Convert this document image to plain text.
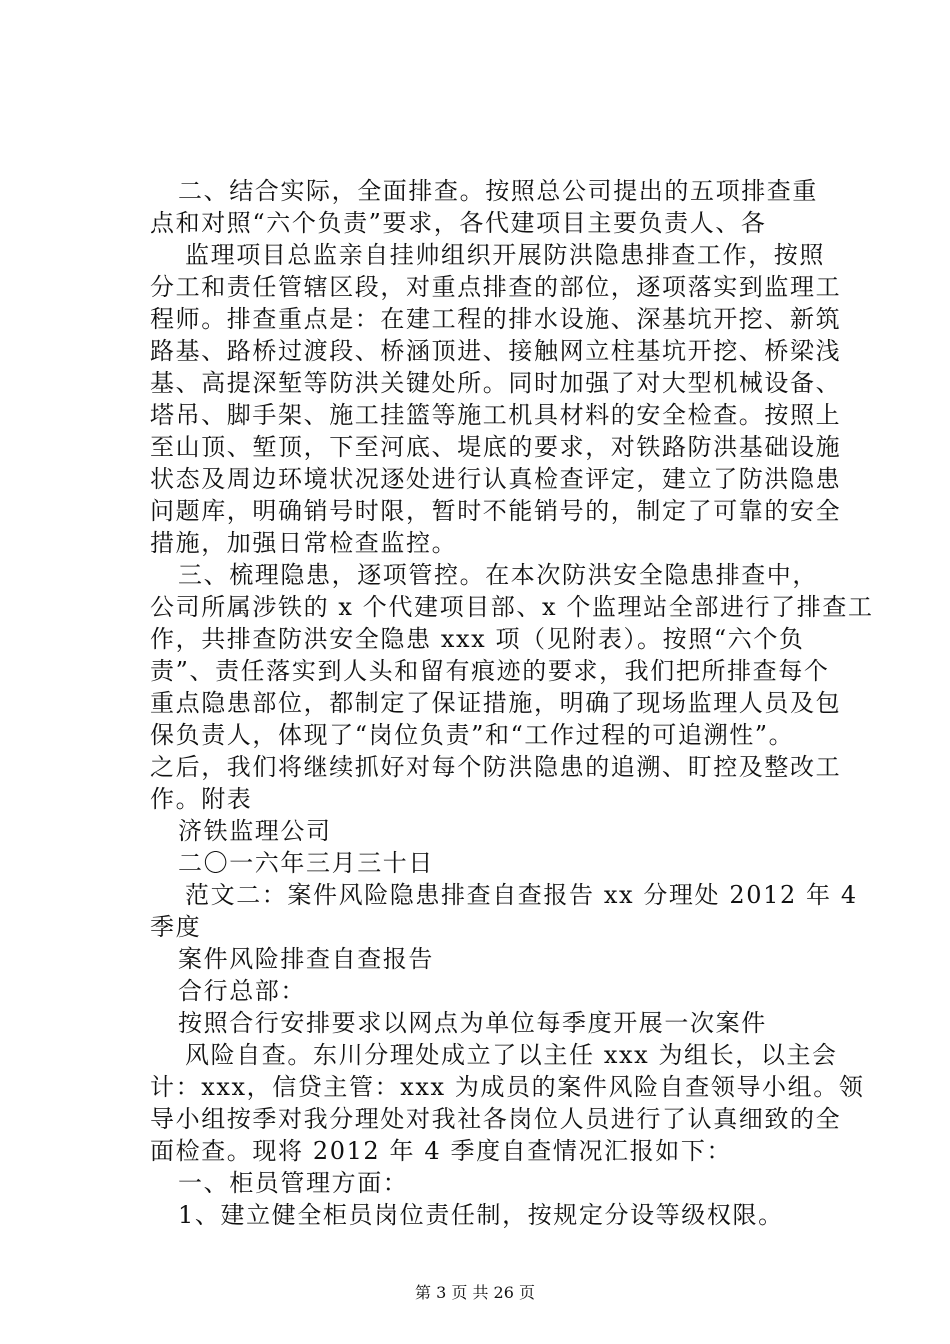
二、结合实际，全面排查。按照总公司提出的五项排查重
点和对照“六个负责”要求，各代建项目主要负责人、各
监理项目总监亲自挂帅组织开展防洪隐患排查工作，按照
分工和责任管辖区段，对重点排查的部位，逐项落实到监理工
程师。排查重点是：在建工程的排水设施、深基坑开挖、新筑
路基、路桥过渡段、桥涵顶进、接触网立柱基坑开挖、桥梁浅
基、高提深堑等防洪关键处所。同时加强了对大型机械设备、
塔吊、脚手架、施工挂篮等施工机具材料的安全检查。按照上
至山顶、堑顶，下至河底、堤底的要求，对铁路防洪基础设施
状态及周边环境状况逐处进行认真检查评定，建立了防洪隐患
问题库，明确销号时限，暂时不能销号的，制定了可靠的安全
措施，加强日常检查监控。
三、梳理隐患，逐项管控。在本次防洪安全隐患排查中，
公司所属涉铁的 x 个代建项目部、x 个监理站全部进行了排查工
作，共排查防洪安全隐患 xxx 项（见附表）。按照“六个负
责”、责任落实到人头和留有痕迹的要求，我们把所排查每个
重点隐患部位，都制定了保证措施，明确了现场监理人员及包
保负责人，体现了“岗位负责”和“工作过程的可追溯性”。
之后，我们将继续抓好对每个防洪隐患的追溯、盯控及整改工
作。附表
济铁监理公司
二〇一六年三月三十日
范文二：案件风险隐患排查自查报告 xx 分理处 2012 年 4
季度
案件风险排查自查报告
合行总部：
按照合行安排要求以网点为单位每季度开展一次案件
风险自查。东川分理处成立了以主任 xxx 为组长，以主会
计：xxx，信贷主管：xxx 为成员的案件风险自查领导小组。领
导小组按季对我分理处对我社各岗位人员进行了认真细致的全
面检查。现将 2012 年 4 季度自查情况汇报如下：
一、柜员管理方面：
1、建立健全柜员岗位责任制，按规定分设等级权限。
第 3 页 共 26 页
